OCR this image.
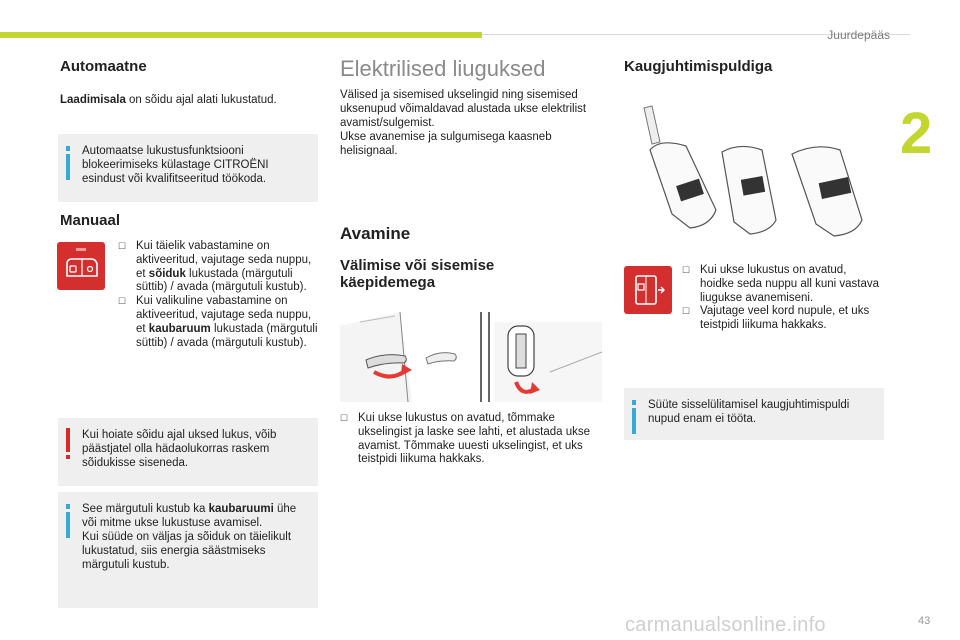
Juurdepääs
2
Automaatne

Laadimisala on sõidu ajal alati lukustatud.

Automaatse lukustusfunktsiooni blokeerimiseks külastage CITROËNI esindust või kvalifitseeritud töökoda.
Manuaal
☐ Kui täielik vabastamine on aktiveeritud, vajutage seda nuppu, et sõiduk lukustada (märgutuli süttib) / avada (märgutuli kustub).
☐ Kui valikuline vabastamine on aktiveeritud, vajutage seda nuppu, et kaubaruum lukustada (märgutuli süttib) / avada (märgutuli kustub).
Kui hoiate sõidu ajal uksed lukus, võib päästjatel olla hädaolukorras raskem sõidukisse siseneda.
See märgutuli kustub ka kaubaruumi ühe või mitme ukse lukustuse avamisel.
Kui süüde on väljas ja sõiduk on täielikult lukustatud, siis energia säästmiseks märgutuli kustub.
Elektrilised liuguksed

Välised ja sisemised ukselingid ning sisemised uksenupud võimaldavad alustada ukse elektrilist avamist/sulgemist.

Ukse avanemise ja sulgumisega kaasneb helisignaal.

Avamine
Välimise või sisemise käepidemega
☐ Kui ukse lukustus on avatud, tõmmake ukselingist ja laske see lahti, et alustada ukse avamist. Tõmmake uuesti ukselingist, et uks teistpidi liikuma hakkaks.
Kaugjuhtimispuldiga
☐ Kui ukse lukustus on avatud, hoidke seda nuppu all kuni vastava liugukse avanemiseni.
☐ Vajutage veel kord nupule, et uks teistpidi liikuma hakkaks.
Süüte sisselülitamisel kaugjuhtimispuldi nupud enam ei tööta.
carmanualsonline.info	43
